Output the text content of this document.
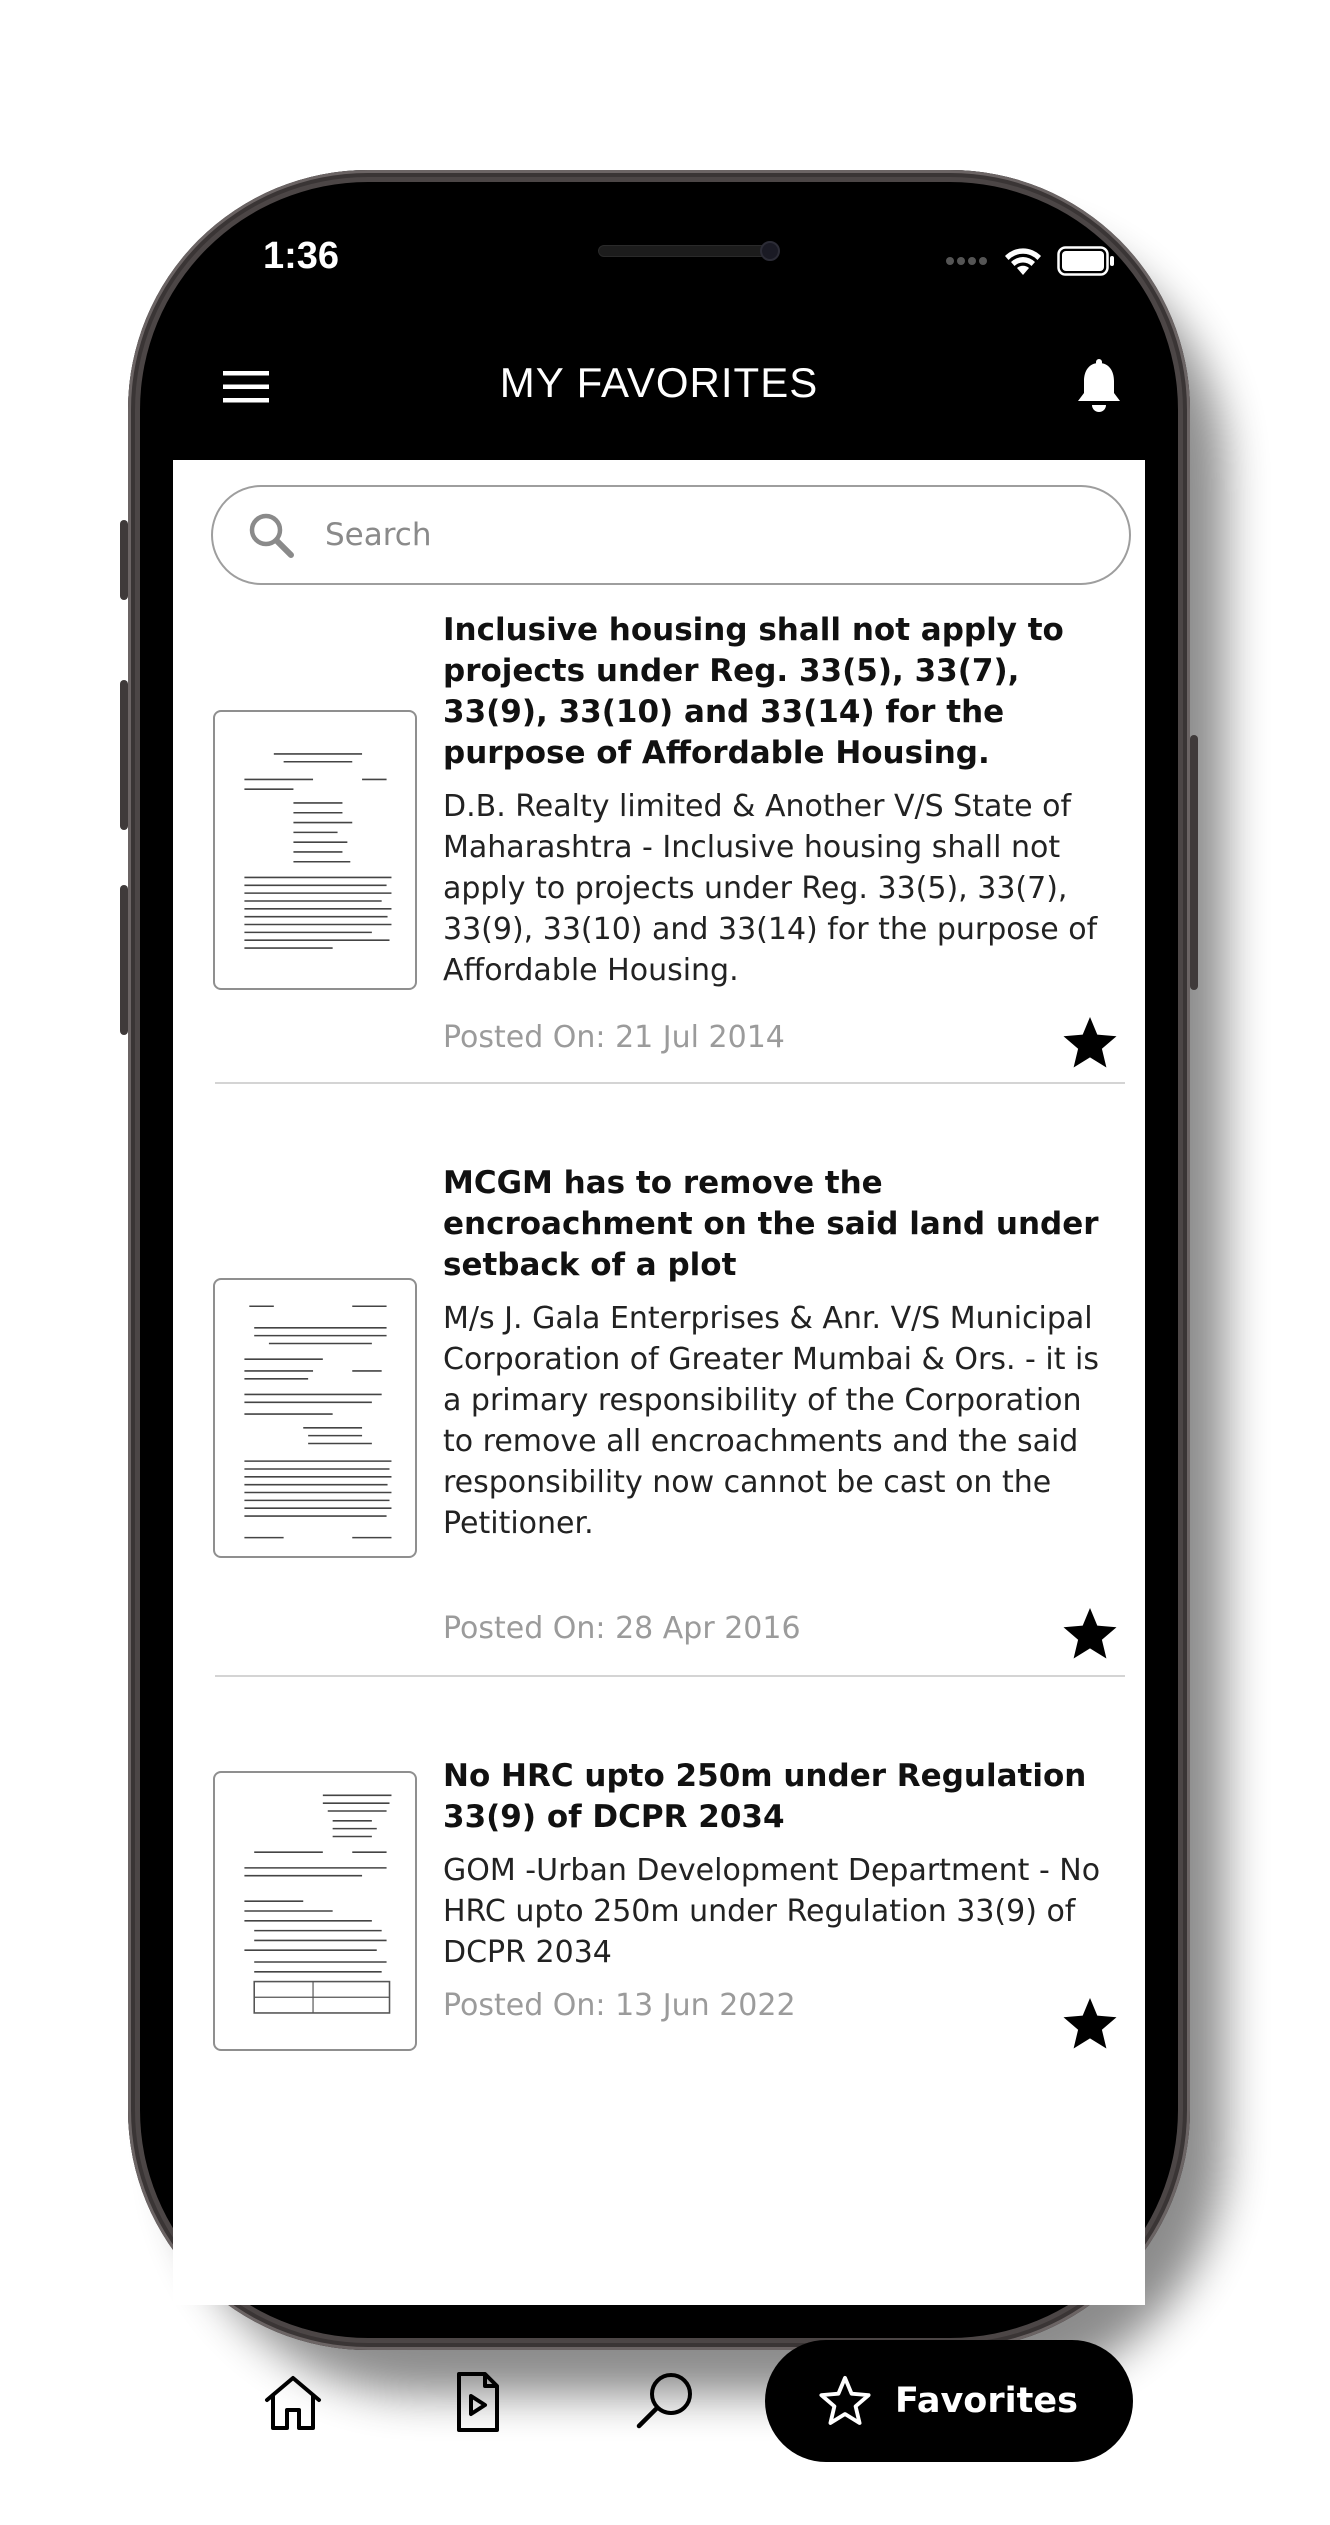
1:36
MY FAVORITES
Search
Inclusive housing shall not apply to projects under Reg. 33(5), 33(7), 33(9), 33(10) and 33(14) for the purpose of Affordable Housing.
D.B. Realty limited & Another V/S State of Maharashtra - Inclusive housing shall not apply to projects under Reg. 33(5), 33(7), 33(9), 33(10) and 33(14) for the purpose of Affordable Housing.
Posted On: 21 Jul 2014
MCGM has to remove the encroachment on the said land under setback of a plot
M/s J. Gala Enterprises & Anr. V/S Municipal Corporation of Greater Mumbai & Ors. - it is a primary responsibility of the Corporation to remove all encroachments and the said responsibility now cannot be cast on the Petitioner.
Posted On: 28 Apr 2016
No HRC upto 250m under Regulation 33(9) of DCPR 2034
GOM -Urban Development Department - No HRC upto 250m under Regulation 33(9) of DCPR 2034
Posted On: 13 Jun 2022
Favorites
